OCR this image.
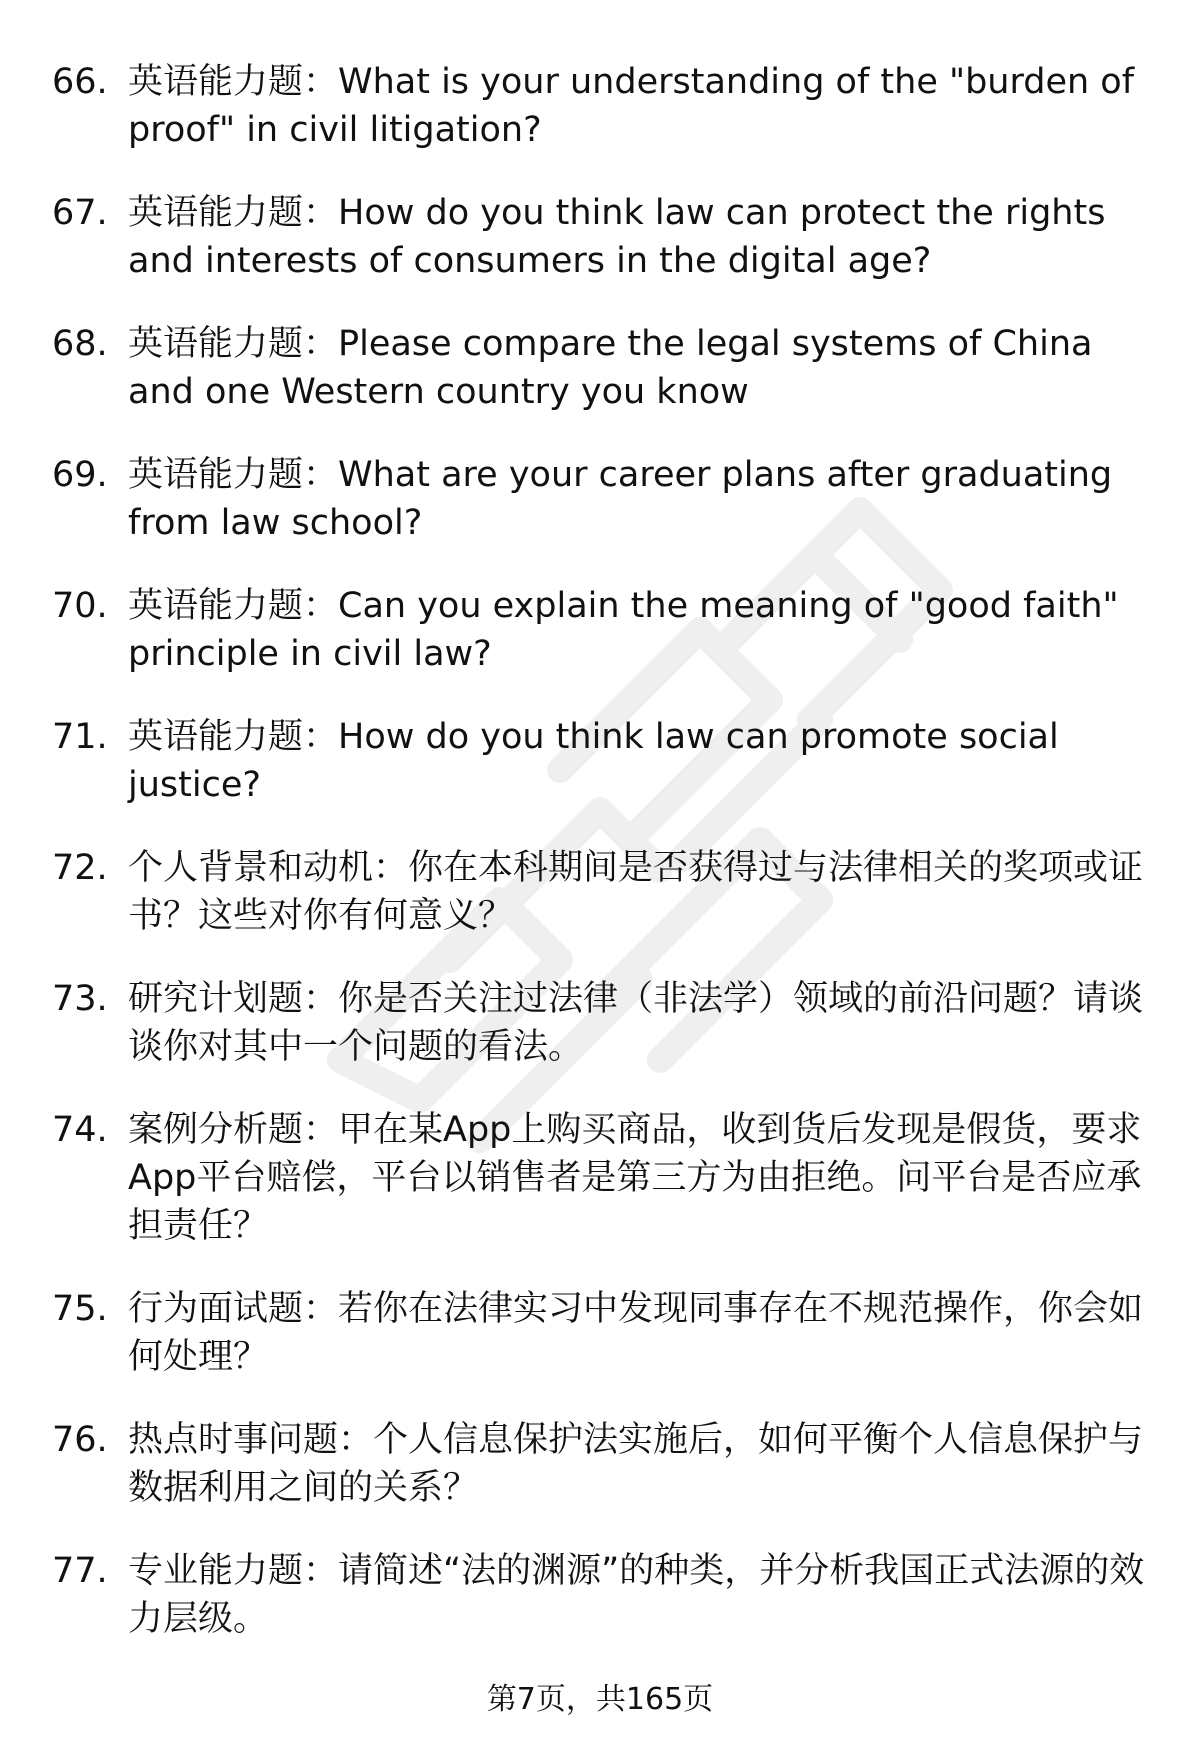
66. 英语能力题：What is your understanding of the "burden of proof" in civil litigation?
67. 英语能力题：How do you think law can protect the rights and interests of consumers in the digital age?
68. 英语能力题：Please compare the legal systems of China and one Western country you know
69. 英语能力题：What are your career plans after graduating from law school?
70. 英语能力题：Can you explain the meaning of "good faith" principle in civil law?
71. 英语能力题：How do you think law can promote social justice?
72. 个人背景和动机：你在本科期间是否获得过与法律相关的奖项或证书？这些对你有何意义？
73. 研究计划题：你是否关注过法律（非法学）领域的前沿问题？请谈谈你对其中一个问题的看法。
74. 案例分析题：甲在某App上购买商品，收到货后发现是假货，要求App平台赔偿，平台以销售者是第三方为由拒绝。问平台是否应承担责任？
75. 行为面试题：若你在法律实习中发现同事存在不规范操作，你会如何处理？
76. 热点时事问题：个人信息保护法实施后，如何平衡个人信息保护与数据利用之间的关系？
77. 专业能力题：请简述“法的渊源”的种类，并分析我国正式法源的效力层级。
第7页，共165页
